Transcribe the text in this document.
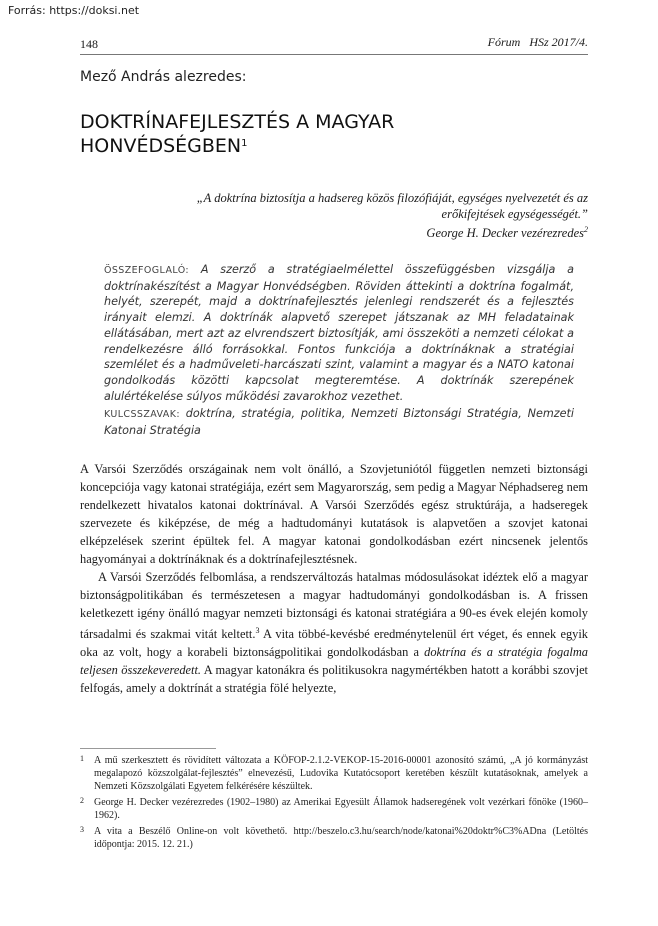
Forrás: https://doksi.net
148	Fórum HSz 2017/4.
Mező András alezredes:
DOKTRÍNAFEJLESZTÉS A MAGYAR HONVÉDSÉGBEN$^1$
„A doktrína biztosítja a hadsereg közös filozófiáját, egységes nyelvezetét és az erőkifejtések egységességét.”
George H. Decker vezérezredes$^2$

ÖSSZEFOGLALÓ: A szerző a stratégiaelmélettel összefüggésben vizsgálja a doktrínakészítést a Magyar Honvédségben. Röviden áttekinti a doktrína fogalmát, helyét, szerepét, majd a doktrínafejlesztés jelenlegi rendszerét és a fejlesztés irányait elemzi. A doktrínák alapvető szerepet játszanak az MH feladatainak ellátásában, mert azt az elvrendszert biztosítják, ami összeköti a nemzeti célokat a rendelkezésre álló forrásokkal. Fontos funkciója a doktrínáknak a stratégiai szemlélet és a hadműveleti-harcászati szint, valamint a magyar és a NATO katonai gondolkodás közötti kapcsolat megteremtése. A doktrínák szerepének alulértékelése súlyos működési zavarokhoz vezethet.

KULCSSZAVAK: doktrína, stratégia, politika, Nemzeti Biztonsági Stratégia, Nemzeti Katonai Stratégia

A Varsói Szerződés országainak nem volt önálló, a Szovjetuniótól független nemzeti biztonsági koncepciója vagy katonai stratégiája, ezért sem Magyarország, sem pedig a Magyar Néphadsereg nem rendelkezett hivatalos katonai doktrínával. A Varsói Szerződés egész struktúrája, a hadseregek szervezete és kiképzése, de még a hadtudományi kutatások is alapvetően a szovjet katonai elképzelések szerint épültek fel. A magyar katonai gondolkodásban ezért nincsenek jelentős hagyományai a doktrínáknak és a doktrínafejlesztésnek.

A Varsói Szerződés felbomlása, a rendszerváltozás hatalmas módosulásokat idéztek elő a magyar biztonságpolitikában és természetesen a magyar hadtudományi gondolkodásban is. A frissen keletkezett igény önálló magyar nemzeti biztonsági és katonai stratégiára a 90-es évek elején komoly társadalmi és szakmai vitát keltett.$^3$ A vita többé-kevésbé eredménytelenül ért véget, és ennek egyik oka az volt, hogy a korabeli biztonságpolitikai gondolkodásban a doktrína és a stratégia fogalma teljesen összekeveredett. A magyar katonákra és politikusokra nagymértékben hatott a korábbi szovjet felfogás, amely a doktrínát a stratégia fölé helyezte,

1 A mű szerkesztett és rövidített változata a KÖFOP-2.1.2-VEKOP-15-2016-00001 azonosító számú, „A jó kormányzást megalapozó közszolgálat-fejlesztés” elnevezésű, Ludovika Kutatócsoport keretében készült kutatásoknak, amelyek a Nemzeti Közszolgálati Egyetem felkérésére készültek.
2 George H. Decker vezérezredes (1902–1980) az Amerikai Egyesült Államok hadseregének volt vezérkari főnöke (1960–1962).
3 A vita a Beszélő Online-on volt követhető. http://beszelo.c3.hu/search/node/katonai%20doktr%C3%ADna (Letöltés időpontja: 2015. 12. 21.)
